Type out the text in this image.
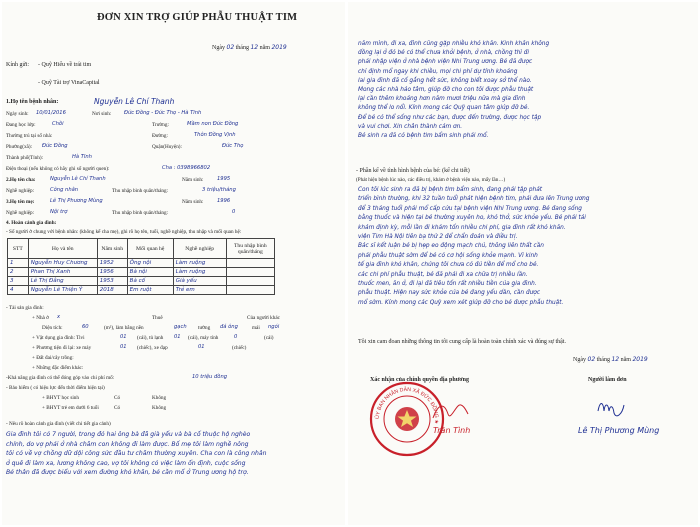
ĐƠN XIN TRỢ GIÚP PHẪU THUẬT TIM
Ngày 02 tháng 12 năm 2019
Kính gửi: - Quỹ Hiểu về trái tim
- Quỹ Tài trợ VinaCapital
1.Họ tên bệnh nhân:	Nguyễn Lê Chí Thanh
Ngày sinh: 10/01/2016	Nơi sinh: Đức Đồng - Đức Thọ - Hà Tĩnh
Đang học lớp:	Chồi	Trường:	Mầm non Đức Đồng
Thường trú tại số nhà:	Đường:	Thôn Đồng Vịnh
Phường(xã): Đức Đồng	Quận(Huyện):	Đức Thọ
Thành phố(Tỉnh):	Hà Tĩnh
Điện thoại (nếu không có hãy ghi số người quen):	Cha : 0398966802
2.Họ tên cha:	Nguyễn Lê Chí Thanh	Năm sinh:	1995
Nghề nghiệp:	Công nhân	Thu nhập bình quân/tháng:	3 triệu/tháng
3.Họ tên mẹ:	Lê Thị Phương Mùng	Năm sinh:	1996
Nghề nghiệp:	Nội trợ	Thu nhập bình quân/tháng:	0
4. Hoàn cảnh gia đình:
- Số người ở chung với bệnh nhân: (không kể cha mẹ), ghi rõ họ tên, tuổi, nghề nghiệp, thu nhập và mối quan hệ:
STT	Họ và tên	Năm sinh	Mối quan hệ	Nghề nghiệp	Thu nhập bình quân/tháng
1	Nguyễn Huy Chương	1952	Ông nội	Làm ruộng	
2	Phan Thị Xanh	1956	Bà nội	Làm ruộng	
3	Lê Thị Đằng	1953	Bà cố	Già yếu	
4	Nguyễn Lê Thiện Ý	2018	Em ruột	Trẻ em	
- Tài sản gia đình:
+ Nhà ở x	Thuê	Của người khác
Diện tích:	60	(m²), làm bằng nền	gạch tường đá ông	mái ngói
+ Vật dụng gia đình: Tivi	01 (cái), tủ lạnh 01 (cái), máy tính	0	(cái)
+ Phương tiện đi lại: xe máy	01 (chiếc), xe đạp	01	(chiếc)
+ Đất đai/cây trồng:
+ Những đặc điểm khác:
-Khả năng gia đình có thể đóng góp vào chi phí mổ:	10 triệu đồng
- Bảo hiểm ( có hiệu lực đến thời điểm hiện tại)
+ BHYT học sinh	Có	Không
+ BHYT trẻ em dưới 6 tuổi	Có	Không
- Nêu rõ hoàn cảnh gia đình (viết chi tiết gia cảnh)
Gia đình tôi có 7 người, trong đó hai ông bà đã già yếu và bà cố thuộc hộ nghèo
chính, do vợ phải ở nhà chăm con không đi làm được. Bố mẹ tôi làm nghề nông
tôi có về vợ chồng dữ dội công sức đầu tư chăm thường xuyên. Cha con là công nhân
ở quê đi làm xa, lương không cao, vợ tôi không có việc làm ổn định, cuộc sống
Bé thân đã được biểu với xem đường khó khăn, bé cần mổ ở Trung ương hộ trợ.
năm mình, đi xa, đình cũng gặp nhiều khó khăn. Kinh khăn không
đồng lại ở đó bé có thể chưa khỏi bệnh, ở nhà, chồng thì đi
phải nhập viện ở nhà bệnh viện Nhi Trung ương. Bé đã được
chỉ định mổ ngay khi chiều, mọi chi phí dự tính khoảng
lai gia đình đã cố gắng hết sức, không biết xoay sở thế nào.
Mong các nhà hảo tâm, giúp đỡ cho con tôi được phẫu thuật
lại cần thêm khoảng hơn năm mươi triệu nữa mà gia đình
không thể lo nổi. Kính mong các Quỹ quan tâm giúp đỡ bé.
Để bé có thể sống như các bạn, được đến trường, được học tập
và vui chơi. Xin chân thành cảm ơn.
Bé sinh ra đã có bệnh tim bẩm sinh phải mổ.
- Phần kể về tình hình bệnh của bé: (kể chi tiết)
(Phát hiện bệnh lúc nào, các điều trị, khám ở bệnh viện nào, mấy lần…)
Con tôi lúc sinh ra đã bị bệnh tim bẩm sinh, đang phải tập phát
triển bình thường, khi 32 tuần tuổi phát hiện bệnh tim, phải đưa lên Trung ương
để 3 tháng tuổi phải mổ cấp cứu tại bệnh viện Nhi Trung ương. Bé đang sống
bằng thuốc và hiện tại bé thường xuyên ho, khó thở, sức khỏe yếu. Bé phải tái
khám định kỳ, mỗi lần đi khám tốn nhiều chi phí, gia đình rất khó khăn.
viện Tim Hà Nội tiên bạ thứ 2 để chẩn đoán và điều trị.
Bác sĩ kết luận bé bị hẹp eo động mạch chủ, thông liên thất cần
phải phẫu thuật sớm để bé có cơ hội sống khỏe mạnh. Vì kinh
tế gia đình khó khăn, chúng tôi chưa có đủ tiền để mổ cho bé.
các chi phí phẫu thuật, bé đã phải đi xa chữa trị nhiều lần.
thuốc men, ăn ở, đi lại đã tiêu tốn rất nhiều tiền của gia đình.
phẫu thuật. Hiện nay sức khỏe của bé đang yếu dần, cần được
mổ sớm. Kính mong các Quỹ xem xét giúp đỡ cho bé được phẫu thuật.
Tôi xin cam đoan những thông tin tôi cung cấp là hoàn toàn chính xác và đúng sự thật.
Ngày 02 tháng 12 năm 2019
Xác nhận của chính quyền địa phương	Người làm đơn
Lê Thị Phương Mùng
Trần Tình
ỦY BAN NHÂN DÂN XÃ ĐỨC ĐỒNG ★
